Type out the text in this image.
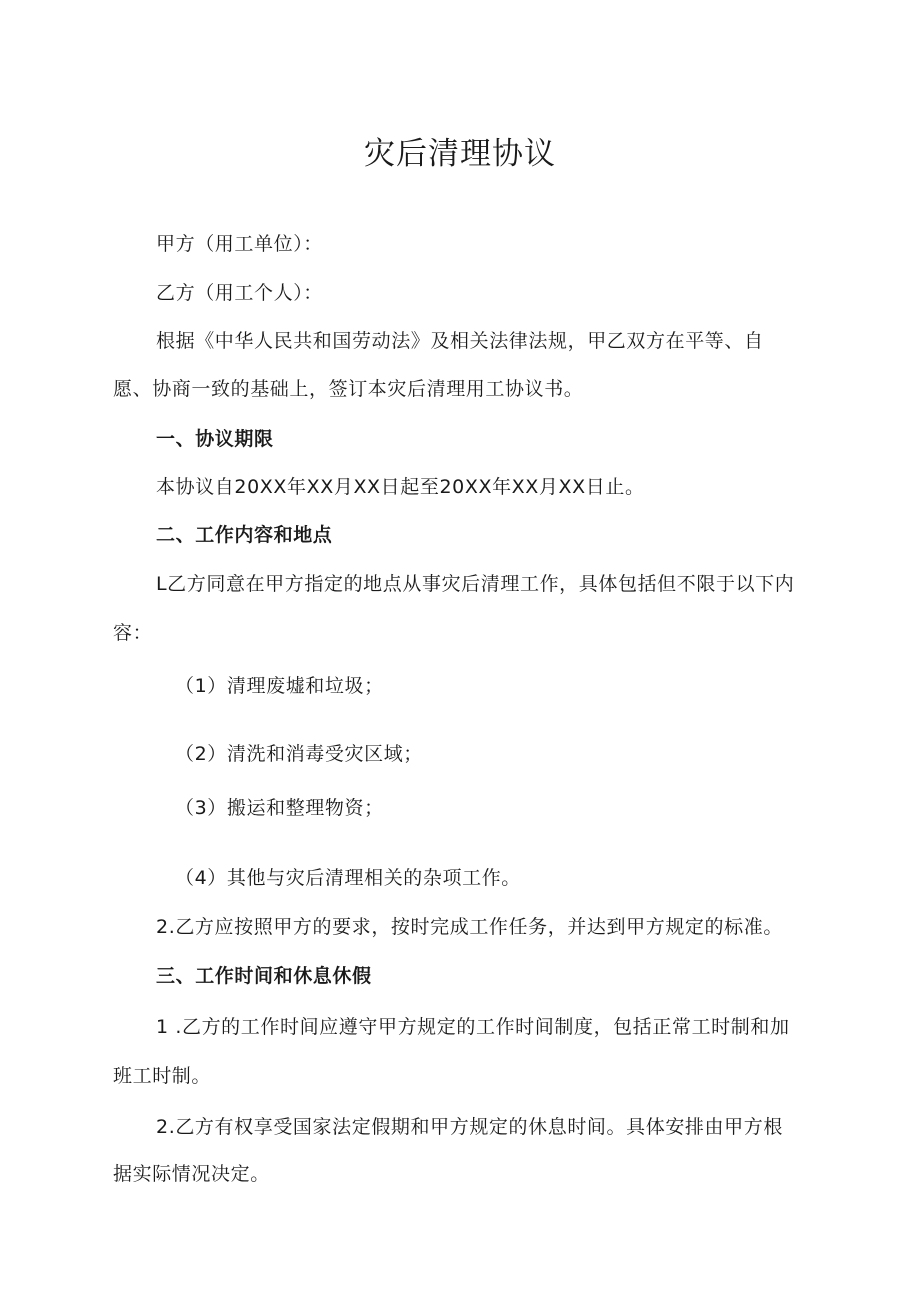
灾后清理协议
甲方（用工单位）：
乙方（用工个人）：
根据《中华人民共和国劳动法》及相关法律法规，甲乙双方在平等、自
愿、协商一致的基础上，签订本灾后清理用工协议书。
一、协议期限
本协议自20XX年XX月XX日起至20XX年XX月XX日止。
二、工作内容和地点
L乙方同意在甲方指定的地点从事灾后清理工作，具体包括但不限于以下内
容：
（1）清理废墟和垃圾；
（2）清洗和消毒受灾区域；
（3）搬运和整理物资；
（4）其他与灾后清理相关的杂项工作。
2.乙方应按照甲方的要求，按时完成工作任务，并达到甲方规定的标准。
三、工作时间和休息休假
1 .乙方的工作时间应遵守甲方规定的工作时间制度，包括正常工时制和加
班工时制。
2.乙方有权享受国家法定假期和甲方规定的休息时间。具体安排由甲方根
据实际情况决定。
